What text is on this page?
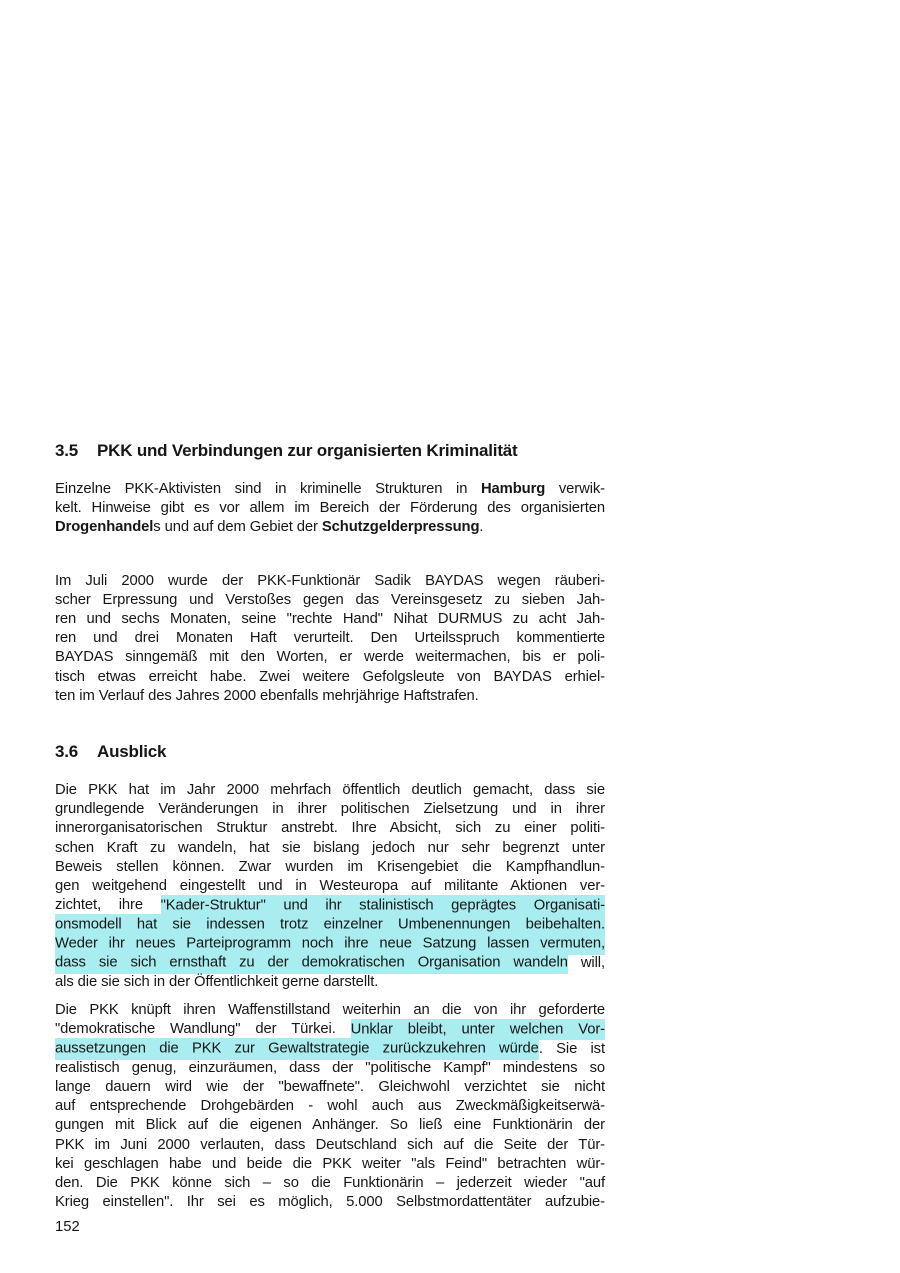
3.5	PKK und Verbindungen zur organisierten Kriminalität
Einzelne PKK-Aktivisten sind in kriminelle Strukturen in Hamburg verwik-
kelt. Hinweise gibt es vor allem im Bereich der Förderung des organisierten
Drogenhandels und auf dem Gebiet der Schutzgelderpressung.
Im Juli 2000 wurde der PKK-Funktionär Sadik BAYDAS wegen räuberi-
scher Erpressung und Verstoßes gegen das Vereinsgesetz zu sieben Jah-
ren und sechs Monaten, seine "rechte Hand" Nihat DURMUS zu acht Jah-
ren und drei Monaten Haft verurteilt. Den Urteilsspruch kommentierte
BAYDAS sinngemäß mit den Worten, er werde weitermachen, bis er poli-
tisch etwas erreicht habe. Zwei weitere Gefolgsleute von BAYDAS erhiel-
ten im Verlauf des Jahres 2000 ebenfalls mehrjährige Haftstrafen.
3.6	Ausblick
Die PKK hat im Jahr 2000 mehrfach öffentlich deutlich gemacht, dass sie
grundlegende Veränderungen in ihrer politischen Zielsetzung und in ihrer
innerorganisatorischen Struktur anstrebt. Ihre Absicht, sich zu einer politi-
schen Kraft zu wandeln, hat sie bislang jedoch nur sehr begrenzt unter
Beweis stellen können. Zwar wurden im Krisengebiet die Kampfhandlun-
gen weitgehend eingestellt und in Westeuropa auf militante Aktionen ver-
zichtet, ihre "Kader-Struktur" und ihr stalinistisch geprägtes Organisati-
onsmodell hat sie indessen trotz einzelner Umbenennungen beibehalten.
Weder ihr neues Parteiprogramm noch ihre neue Satzung lassen vermuten,
dass sie sich ernsthaft zu der demokratischen Organisation wandeln will,
als die sie sich in der Öffentlichkeit gerne darstellt.
Die PKK knüpft ihren Waffenstillstand weiterhin an die von ihr geforderte
"demokratische Wandlung" der Türkei. Unklar bleibt, unter welchen Vor-
aussetzungen die PKK zur Gewaltstrategie zurückzukehren würde. Sie ist
realistisch genug, einzuräumen, dass der "politische Kampf" mindestens so
lange dauern wird wie der "bewaffnete". Gleichwohl verzichtet sie nicht
auf entsprechende Drohgebärden - wohl auch aus Zweckmäßigkeitserwä-
gungen mit Blick auf die eigenen Anhänger. So ließ eine Funktionärin der
PKK im Juni 2000 verlauten, dass Deutschland sich auf die Seite der Tür-
kei geschlagen habe und beide die PKK weiter "als Feind" betrachten wür-
den. Die PKK könne sich – so die Funktionärin – jederzeit wieder "auf
Krieg einstellen". Ihr sei es möglich, 5.000 Selbstmordattentäter aufzubie-
152
